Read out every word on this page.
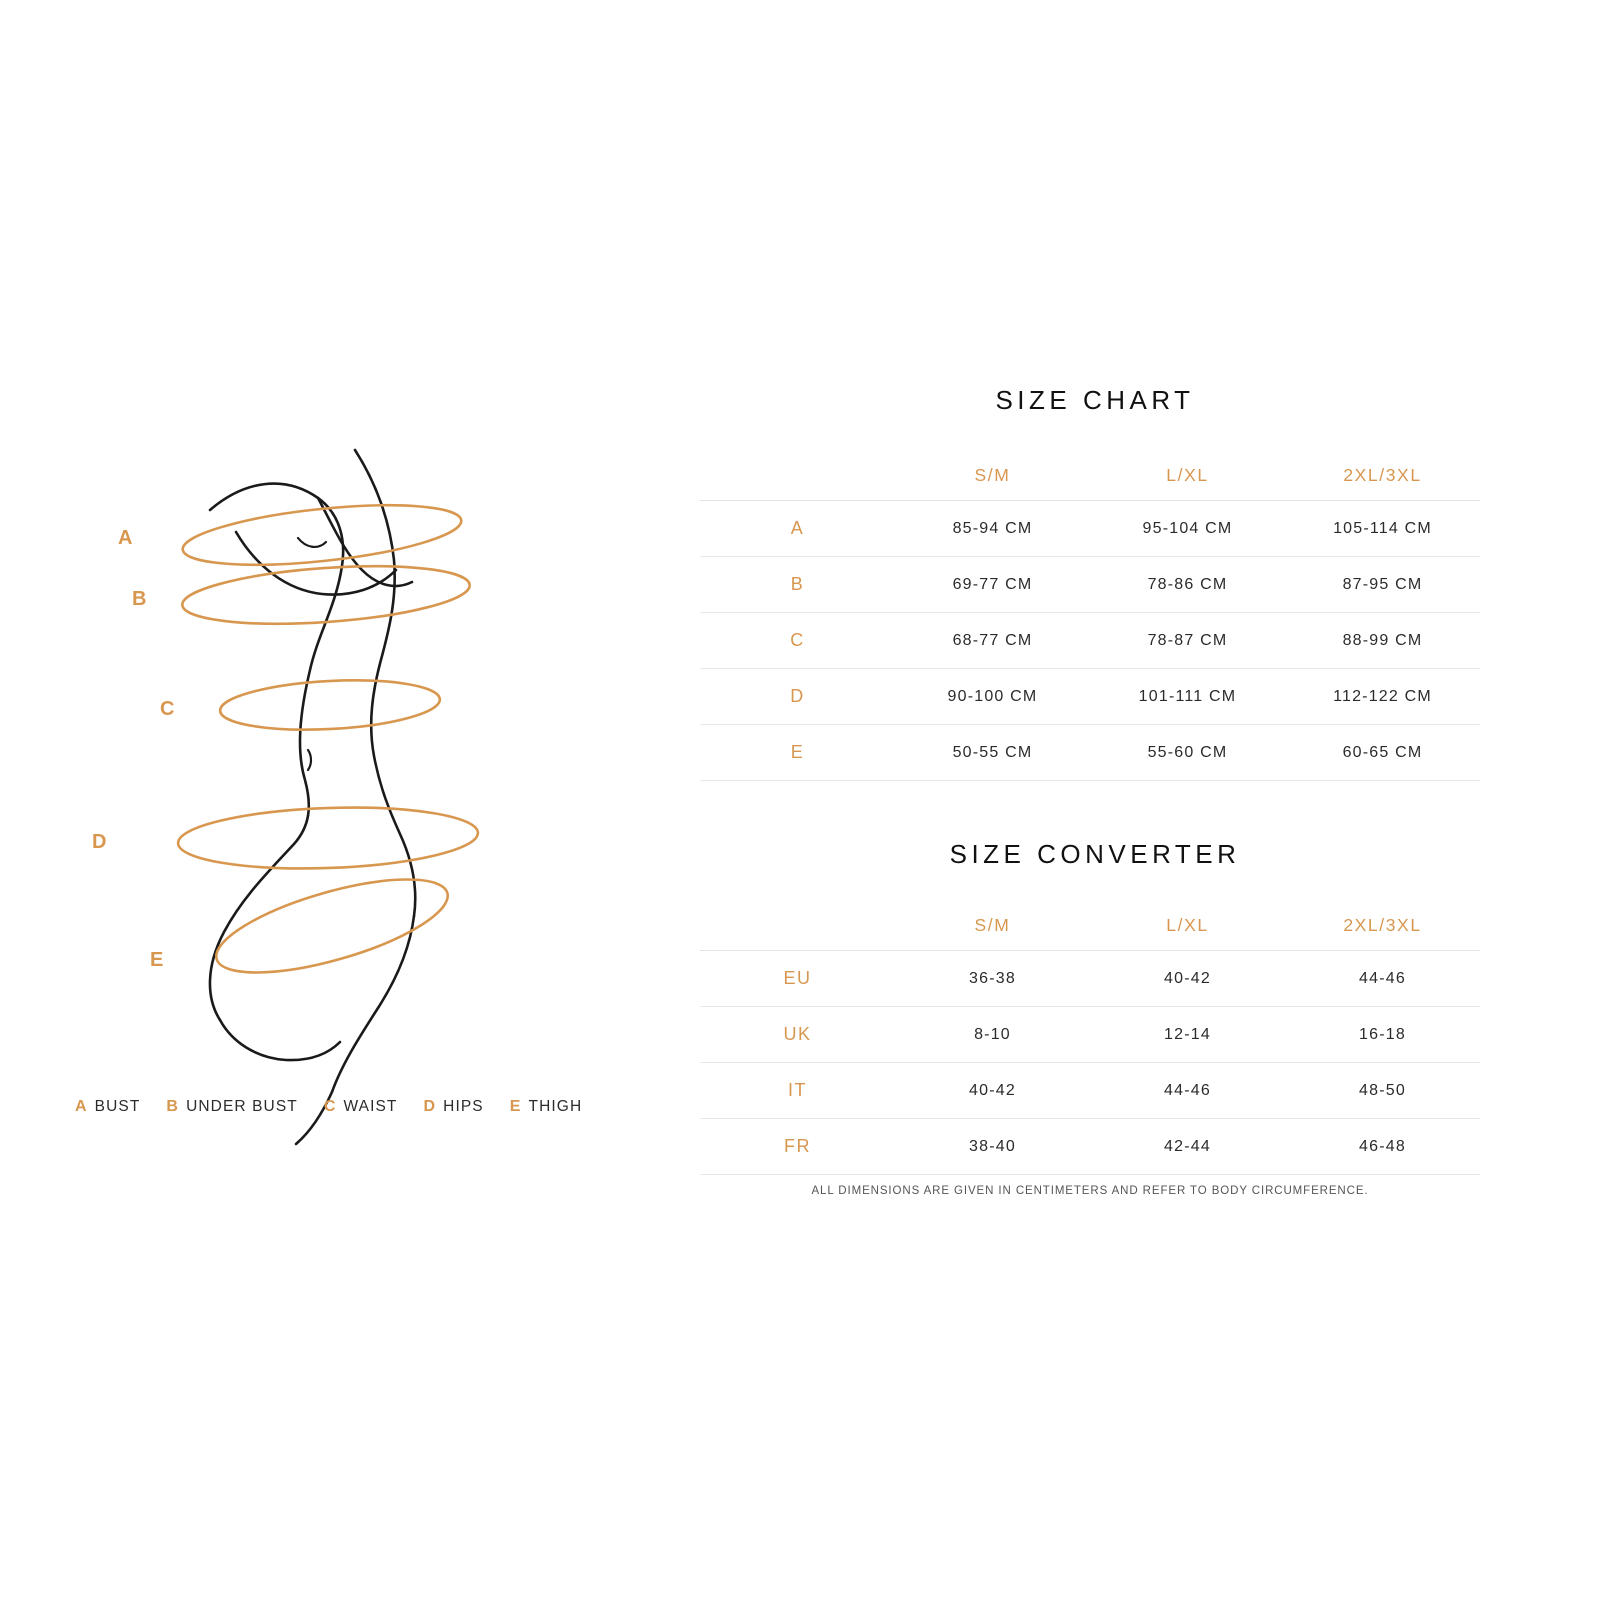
A
B
C
D
E
A BUST B UNDER BUST C WAIST D HIPS E THIGH
SIZE CHART
	S/M	L/XL	2XL/3XL
A	85-94 CM	95-104 CM	105-114 CM
B	69-77 CM	78-86 CM	87-95 CM
C	68-77 CM	78-87 CM	88-99 CM
D	90-100 CM	101-111 CM	112-122 CM
E	50-55 CM	55-60 CM	60-65 CM
SIZE CONVERTER
	S/M	L/XL	2XL/3XL
EU	36-38	40-42	44-46
UK	8-10	12-14	16-18
IT	40-42	44-46	48-50
FR	38-40	42-44	46-48
ALL DIMENSIONS ARE GIVEN IN CENTIMETERS AND REFER TO BODY CIRCUMFERENCE.
